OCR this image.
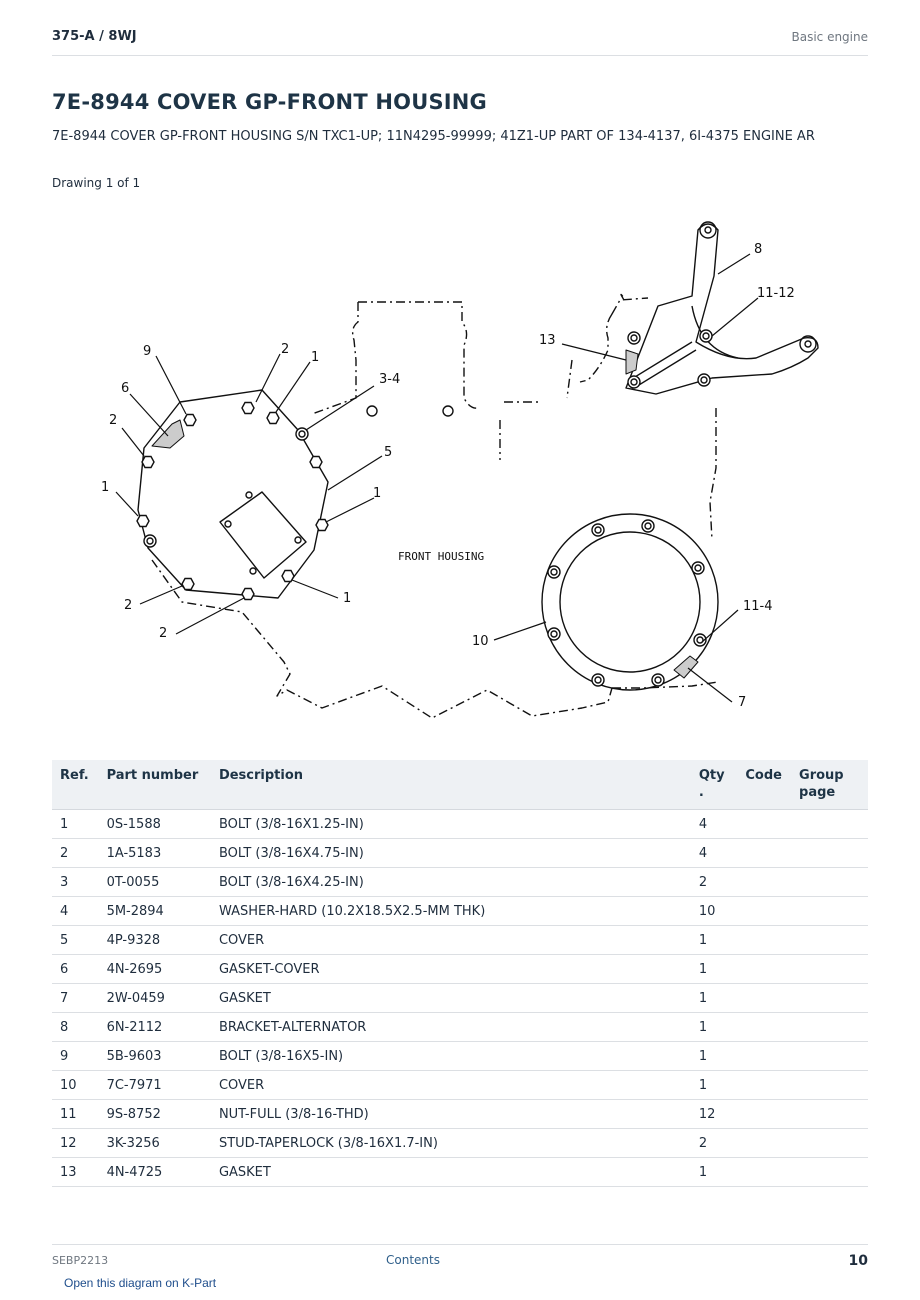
375-A / 8WJ	Basic engine
7E-8944 COVER GP-FRONT HOUSING

7E-8944 COVER GP-FRONT HOUSING S/N TXC1-UP; 11N4295-99999; 41Z1-UP PART OF 134-4137, 6I-4375 ENGINE AR

Drawing 1 of 1
9	2
1
3-4
6
2
5
1	1
2
2
1
13
8
11-12
10
11-4
7
FRONT HOUSING
Ref.	Part number	Description	Qty .	Code	Group page
1	0S-1588	BOLT (3/8-16X1.25-IN)	4		
2	1A-5183	BOLT (3/8-16X4.75-IN)	4		
3	0T-0055	BOLT (3/8-16X4.25-IN)	2		
4	5M-2894	WASHER-HARD (10.2X18.5X2.5-MM THK)	10		
5	4P-9328	COVER	1		
6	4N-2695	GASKET-COVER	1		
7	2W-0459	GASKET	1		
8	6N-2112	BRACKET-ALTERNATOR	1		
9	5B-9603	BOLT (3/8-16X5-IN)	1		
10	7C-7971	COVER	1		
11	9S-8752	NUT-FULL (3/8-16-THD)	12		
12	3K-3256	STUD-TAPERLOCK (3/8-16X1.7-IN)	2		
13	4N-4725	GASKET	1		
SEBP2213	Contents	10
Open this diagram on K-Part
